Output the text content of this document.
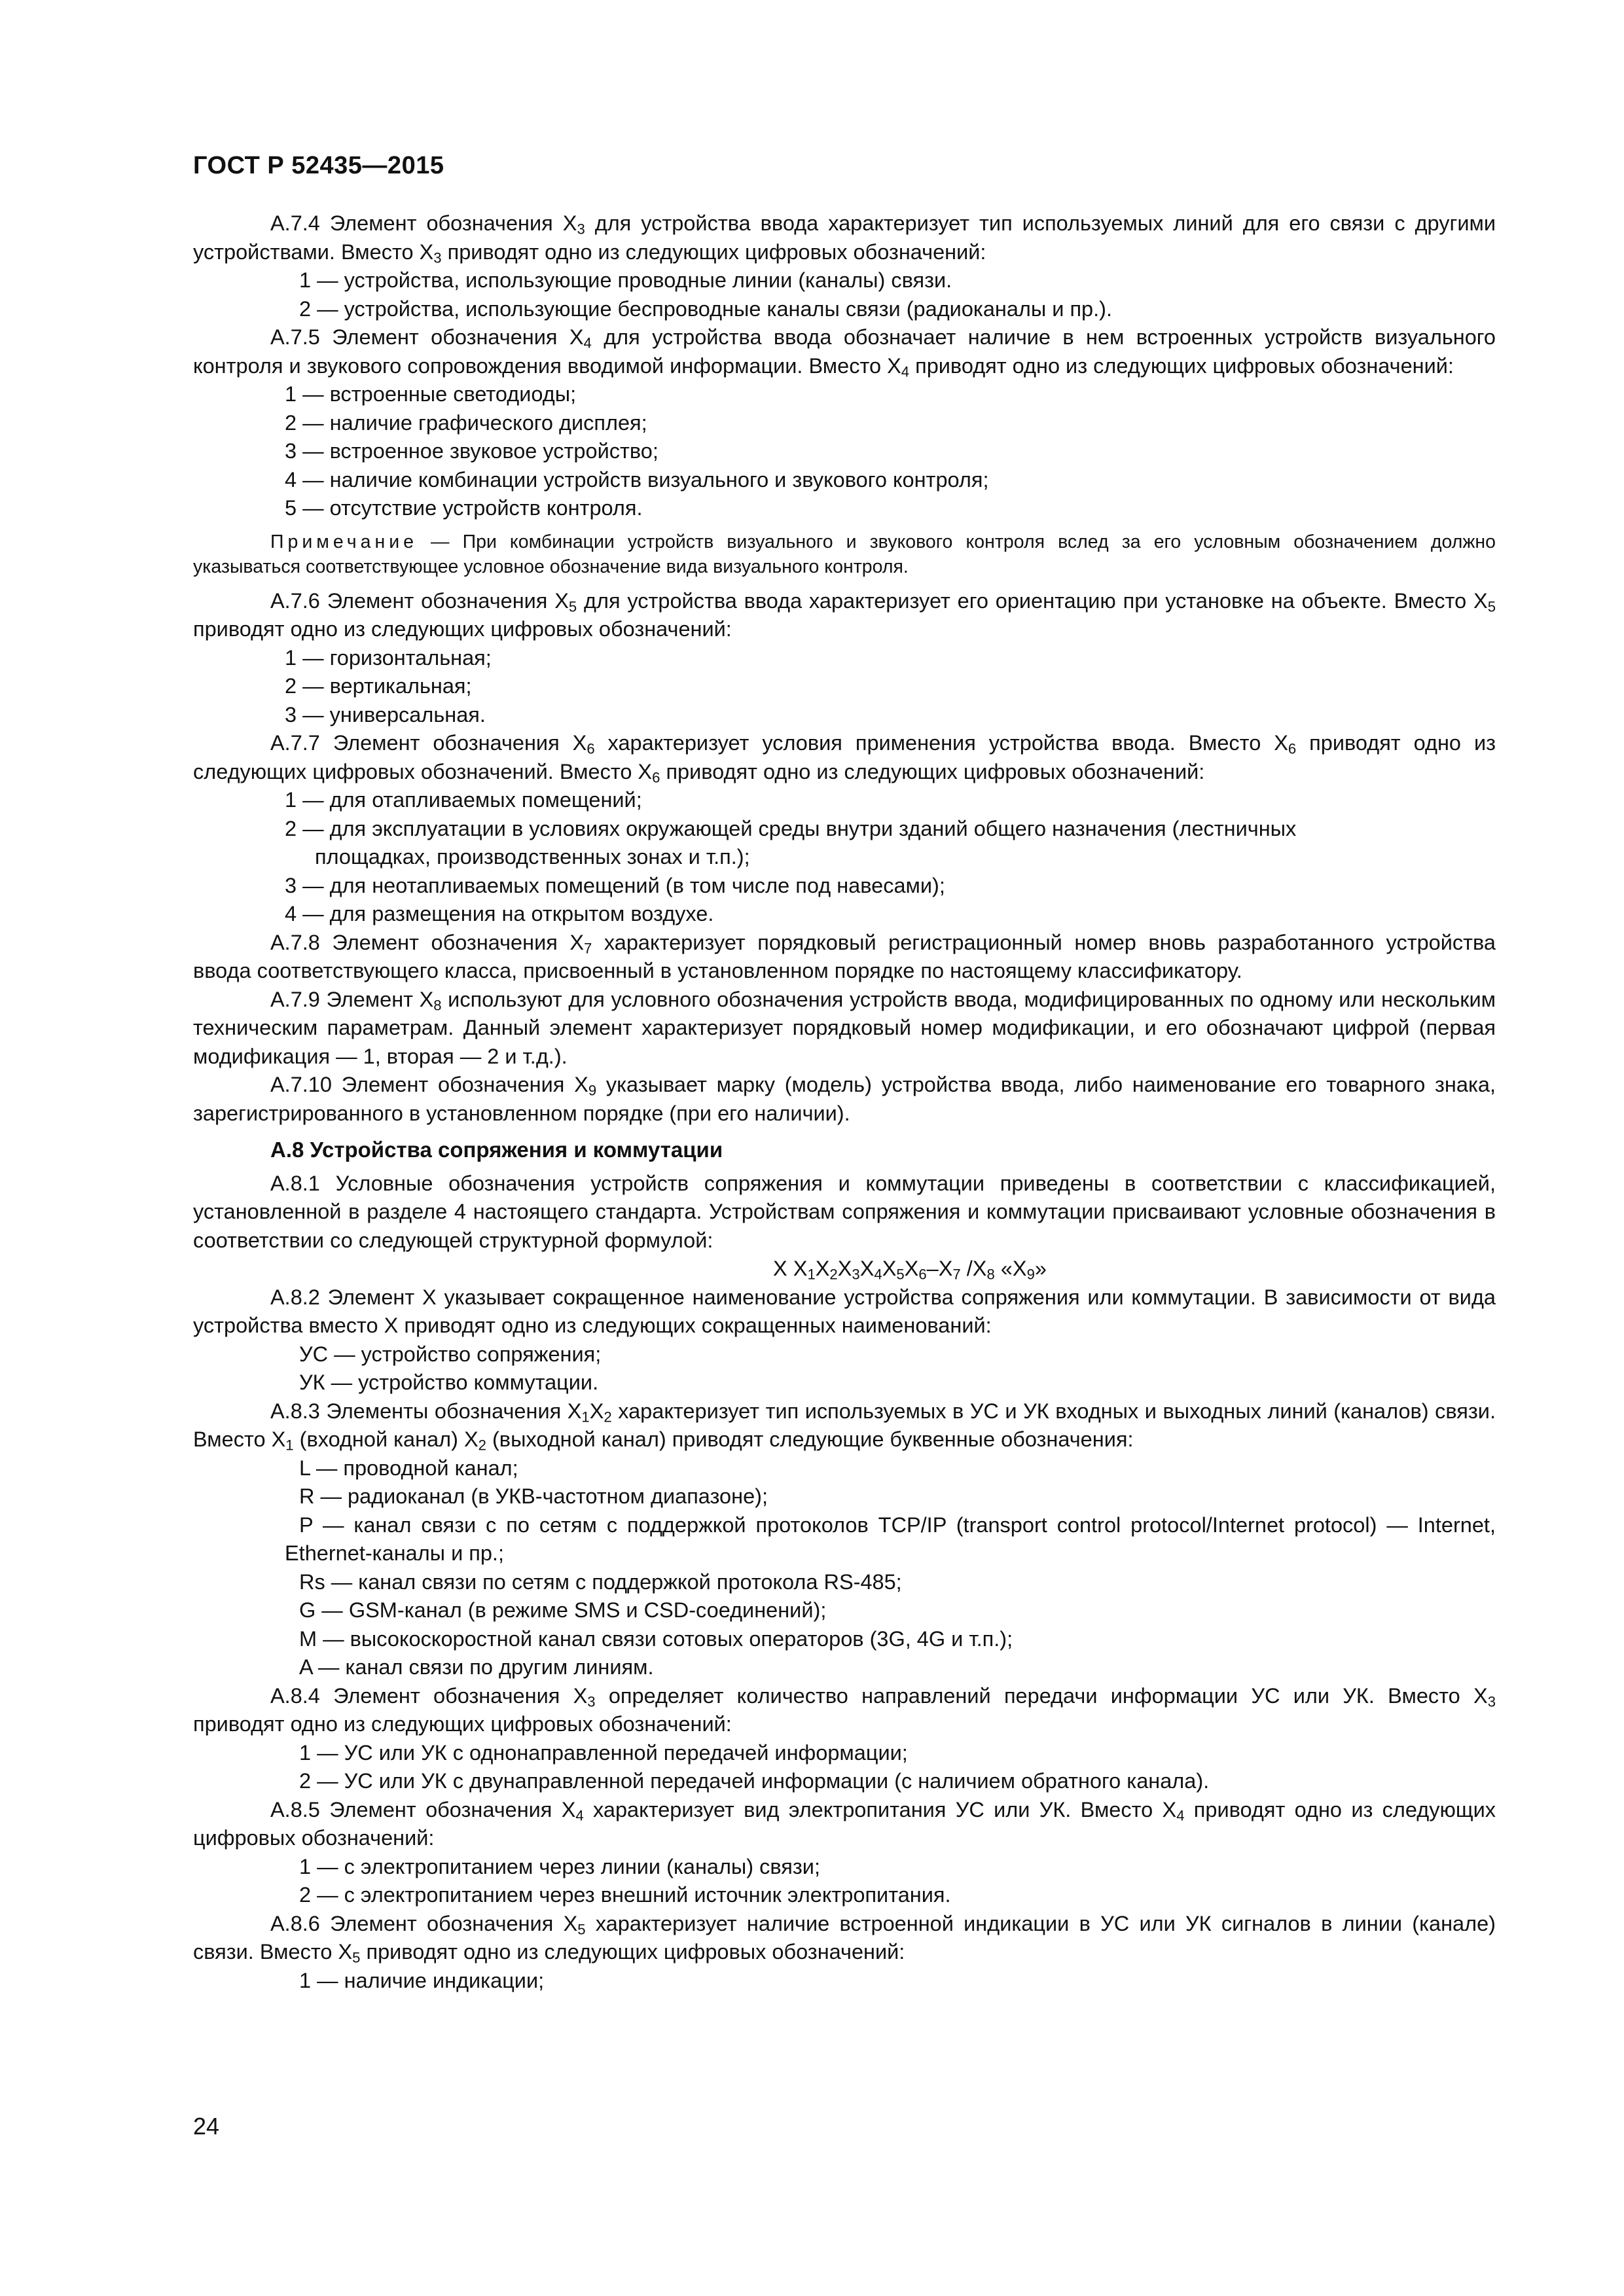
ГОСТ Р 52435—2015

А.7.4 Элемент обозначения $X_3$ для устройства ввода характеризует тип используемых линий для его связи с другими устройствами. Вместо $X_3$ приводят одно из следующих цифровых обозначений:

1 — устройства, использующие проводные линии (каналы) связи.

2 — устройства, использующие беспроводные каналы связи (радиоканалы и пр.).

А.7.5 Элемент обозначения $X_4$ для устройства ввода обозначает наличие в нем встроенных устройств визуального контроля и звукового сопровождения вводимой информации. Вместо $X_4$ приводят одно из следующих цифровых обозначений:

1 — встроенные светодиоды;

2 — наличие графического дисплея;

3 — встроенное звуковое устройство;

4 — наличие комбинации устройств визуального и звукового контроля;

5 — отсутствие устройств контроля.

Примечание — При комбинации устройств визуального и звукового контроля вслед за его условным обозначением должно указываться соответствующее условное обозначение вида визуального контроля.

А.7.6 Элемент обозначения $X_5$ для устройства ввода характеризует его ориентацию при установке на объекте. Вместо $X_5$ приводят одно из следующих цифровых обозначений:

1 — горизонтальная;

2 — вертикальная;

3 — универсальная.

А.7.7 Элемент обозначения $X_6$ характеризует условия применения устройства ввода. Вместо $X_6$ приводят одно из следующих цифровых обозначений. Вместо $X_6$ приводят одно из следующих цифровых обозначений:

1 — для отапливаемых помещений;

2 — для эксплуатации в условиях окружающей среды внутри зданий общего назначения (лестничных

площадках, производственных зонах и т.п.);

3 — для неотапливаемых помещений (в том числе под навесами);

4 — для размещения на открытом воздухе.

А.7.8 Элемент обозначения $X_7$ характеризует порядковый регистрационный номер вновь разработанного устройства ввода соответствующего класса, присвоенный в установленном порядке по настоящему классификатору.

А.7.9 Элемент $X_8$ используют для условного обозначения устройств ввода, модифицированных по одному или нескольким техническим параметрам. Данный элемент характеризует порядковый номер модификации, и его обозначают цифрой (первая модификация — 1, вторая — 2 и т.д.).

А.7.10 Элемент обозначения $X_9$ указывает марку (модель) устройства ввода, либо наименование его товарного знака, зарегистрированного в установленном порядке (при его наличии).

А.8 Устройства сопряжения и коммутации

А.8.1 Условные обозначения устройств сопряжения и коммутации приведены в соответствии с классификацией, установленной в разделе 4 настоящего стандарта. Устройствам сопряжения и коммутации присваивают условные обозначения в соответствии со следующей структурной формулой:

X $X_1X_2X_3X_4X_5X_6-X_7$ $/X_8$ «$X_9$»

А.8.2 Элемент X указывает сокращенное наименование устройства сопряжения или коммутации. В зависимости от вида устройства вместо X приводят одно из следующих сокращенных наименований:

УС — устройство сопряжения;

УК — устройство коммутации.

А.8.3 Элементы обозначения $X_1X_2$ характеризует тип используемых в УС и УК входных и выходных линий (каналов) связи. Вместо $X_1$ (входной канал) $X_2$ (выходной канал) приводят следующие буквенные обозначения:

L — проводной канал;

R — радиоканал (в УКВ-частотном диапазоне);

P — канал связи с по сетям с поддержкой протоколов TCP/IP (transport control protocol/Internet protocol) — Internet, Ethernet-каналы и пр.;

Rs — канал связи по сетям с поддержкой протокола RS-485;

G — GSM-канал (в режиме SMS и CSD-соединений);

M — высокоскоростной канал связи сотовых операторов (3G, 4G и т.п.);

A — канал связи по другим линиям.

А.8.4 Элемент обозначения $X_3$ определяет количество направлений передачи информации УС или УК. Вместо $X_3$ приводят одно из следующих цифровых обозначений:

1 — УС или УК с однонаправленной передачей информации;

2 — УС или УК с двунаправленной передачей информации (с наличием обратного канала).

А.8.5 Элемент обозначения $X_4$ характеризует вид электропитания УС или УК. Вместо $X_4$ приводят одно из следующих цифровых обозначений:

1 — с электропитанием через линии (каналы) связи;

2 — с электропитанием через внешний источник электропитания.

А.8.6 Элемент обозначения $X_5$ характеризует наличие встроенной индикации в УС или УК сигналов в линии (канале) связи. Вместо $X_5$ приводят одно из следующих цифровых обозначений:

1 — наличие индикации;

24
